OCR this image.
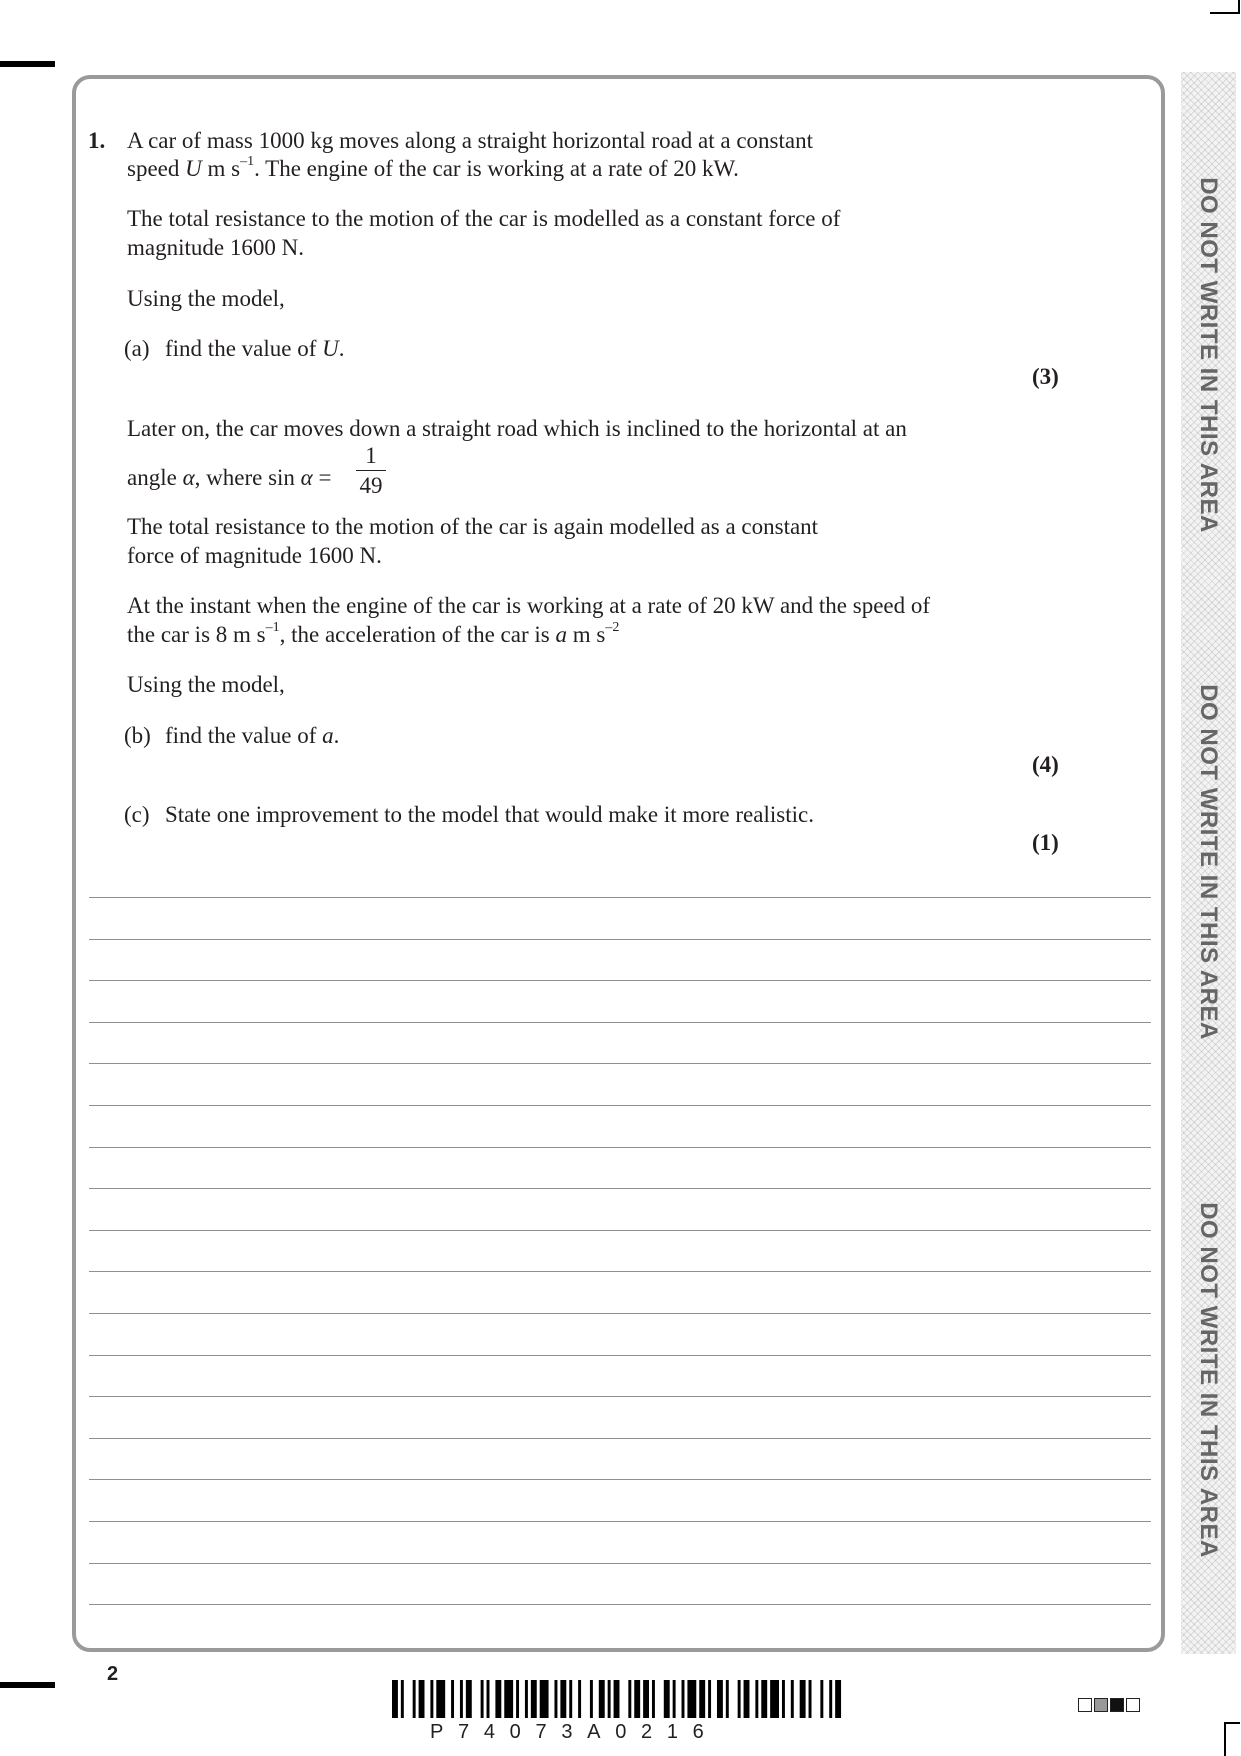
DO NOT WRITE IN THIS AREA
DO NOT WRITE IN THIS AREA
DO NOT WRITE IN THIS AREA
1. A car of mass 1000 kg moves along a straight horizontal road at a constant
speed U m $s^{-1}$. The engine of the car is working at a rate of 20 kW.
The total resistance to the motion of the car is modelled as a constant force of
magnitude 1600 N.
Using the model,
(a) find the value of U.
(3)
Later on, the car moves down a straight road which is inclined to the horizontal at an
angle α, where sin α =
1
49
The total resistance to the motion of the car is again modelled as a constant
force of magnitude 1600 N.
At the instant when the engine of the car is working at a rate of 20 kW and the speed of
the car is 8 m $s^{-1}$, the acceleration of the car is a m $s^{-2}$
Using the model,
(b) find the value of a.
(4)
(c) State one improvement to the model that would make it more realistic.
(1)
2
P74073A0216
